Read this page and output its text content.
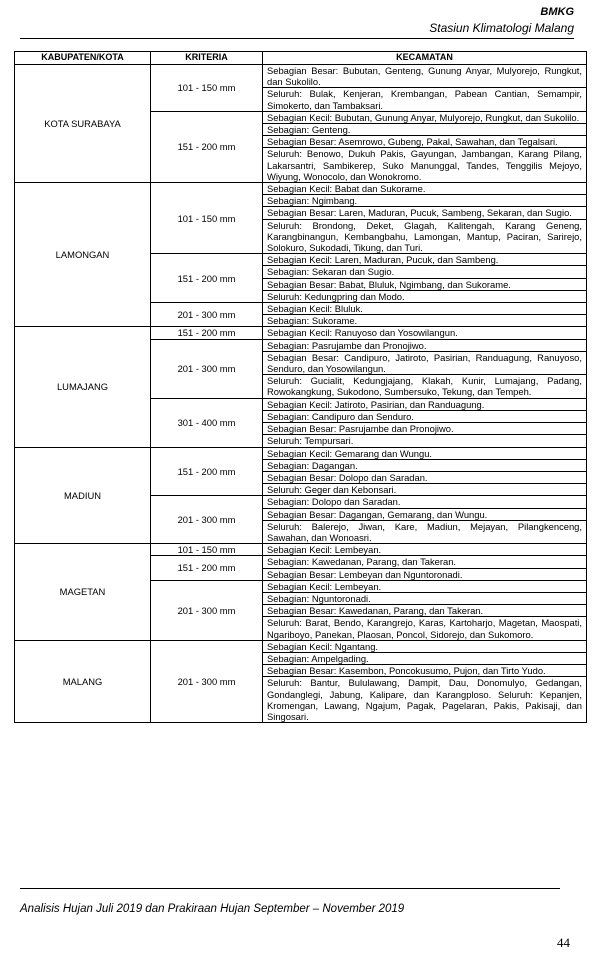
BMKG
Stasiun Klimatologi Malang
KABUPATEN/KOTA	KRITERIA	KECAMATAN
KOTA SURABAYA	101 - 150 mm	Sebagian Besar: Bubutan, Genteng, Gunung Anyar, Mulyorejo, Rungkut, dan Sukolilo.
		Seluruh: Bulak, Kenjeran, Krembangan, Pabean Cantian, Semampir, Simokerto, dan Tambaksari.
	151 - 200 mm	Sebagian Kecil: Bubutan, Gunung Anyar, Mulyorejo, Rungkut, dan Sukolilo.
		Sebagian: Genteng.
		Sebagian Besar: Asemrowo, Gubeng, Pakal, Sawahan, dan Tegalsari.
		Seluruh: Benowo, Dukuh Pakis, Gayungan, Jambangan, Karang Pilang, Lakarsantri, Sambikerep, Suko Manunggal, Tandes, Tenggilis Mejoyo, Wiyung, Wonocolo, dan Wonokromo.
LAMONGAN	101 - 150 mm	Sebagian Kecil: Babat dan Sukorame.
		Sebagian: Ngimbang.
		Sebagian Besar: Laren, Maduran, Pucuk, Sambeng, Sekaran, dan Sugio.
		Seluruh: Brondong, Deket, Glagah, Kalitengah, Karang Geneng, Karangbinangun, Kembangbahu, Lamongan, Mantup, Paciran, Sarirejo, Solokuro, Sukodadi, Tikung, dan Turi.
	151 - 200 mm	Sebagian Kecil: Laren, Maduran, Pucuk, dan Sambeng.
		Sebagian: Sekaran dan Sugio.
		Sebagian Besar: Babat, Bluluk, Ngimbang, dan Sukorame.
		Seluruh: Kedungpring dan Modo.
	201 - 300 mm	Sebagian Kecil: Bluluk.
		Sebagian: Sukorame.
LUMAJANG	151 - 200 mm	Sebagian Kecil: Ranuyoso dan Yosowilangun.
	201 - 300 mm	Sebagian: Pasrujambe dan Pronojiwo.
		Sebagian Besar: Candipuro, Jatiroto, Pasirian, Randuagung, Ranuyoso, Senduro, dan Yosowilangun.
		Seluruh: Gucialit, Kedungjajang, Klakah, Kunir, Lumajang, Padang, Rowokangkung, Sukodono, Sumbersuko, Tekung, dan Tempeh.
	301 - 400 mm	Sebagian Kecil: Jatiroto, Pasirian, dan Randuagung.
		Sebagian: Candipuro dan Senduro.
		Sebagian Besar: Pasrujambe dan Pronojiwo.
		Seluruh: Tempursari.
MADIUN	151 - 200 mm	Sebagian Kecil: Gemarang dan Wungu.
		Sebagian: Dagangan.
		Sebagian Besar: Dolopo dan Saradan.
		Seluruh: Geger dan Kebonsari.
	201 - 300 mm	Sebagian: Dolopo dan Saradan.
		Sebagian Besar: Dagangan, Gemarang, dan Wungu.
		Seluruh: Balerejo, Jiwan, Kare, Madiun, Mejayan, Pilangkenceng, Sawahan, dan Wonoasri.
MAGETAN	101 - 150 mm	Sebagian Kecil: Lembeyan.
	151 - 200 mm	Sebagian: Kawedanan, Parang, dan Takeran.
		Sebagian Besar: Lembeyan dan Nguntoronadi.
	201 - 300 mm	Sebagian Kecil: Lembeyan.
		Sebagian: Nguntoronadi.
		Sebagian Besar: Kawedanan, Parang, dan Takeran.
		Seluruh: Barat, Bendo, Karangrejo, Karas, Kartoharjo, Magetan, Maospati, Ngariboyo, Panekan, Plaosan, Poncol, Sidorejo, dan Sukomoro.
MALANG	201 - 300 mm	Sebagian Kecil: Ngantang.
		Sebagian: Ampelgading.
		Sebagian Besar: Kasembon, Poncokusumo, Pujon, dan Tirto Yudo.
		Seluruh: Bantur, Bululawang, Dampit, Dau, Donomulyo, Gedangan, Gondanglegi, Jabung, Kalipare, dan Karangploso. Seluruh: Kepanjen, Kromengan, Lawang, Ngajum, Pagak, Pagelaran, Pakis, Pakisaji, dan Singosari.
Analisis Hujan Juli 2019 dan Prakiraan Hujan September – November 2019
44
